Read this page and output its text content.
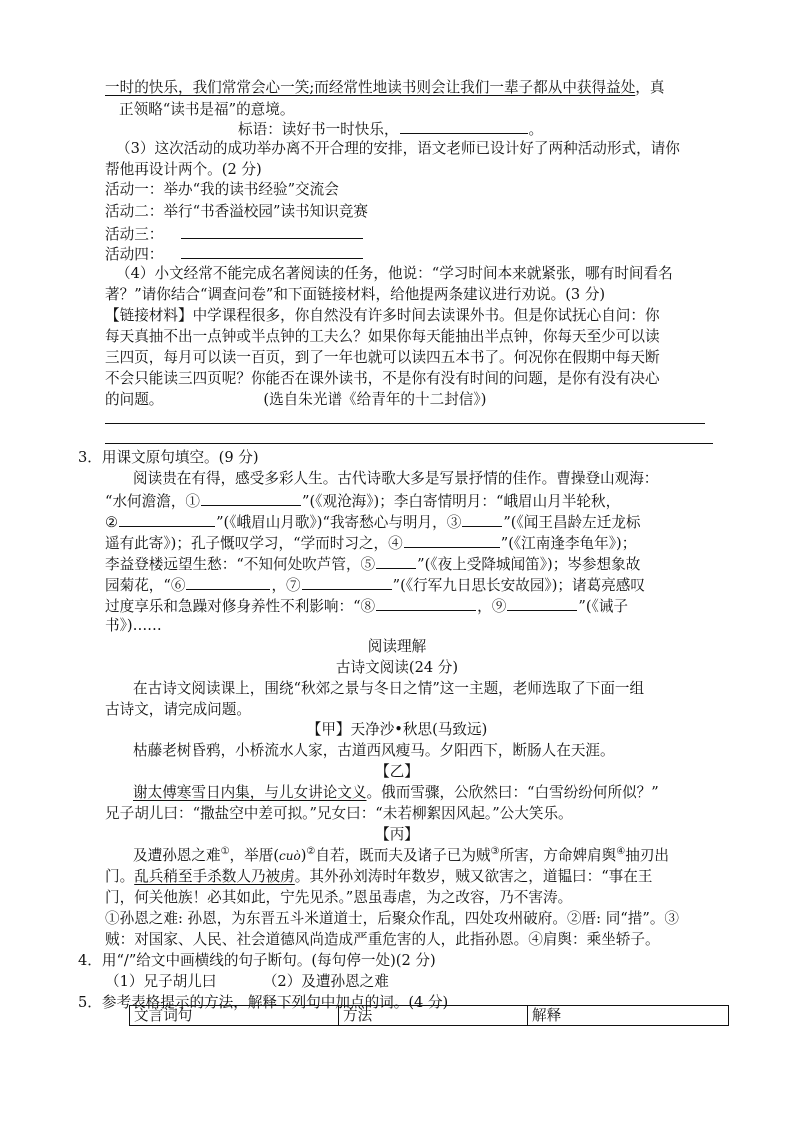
一时的快乐，我们常常会心一笑;而经常性地读书则会让我们一辈子都从中获得益处，真
正领略“读书是福”的意境。
标语：读好书一时快乐，	。
（3）这次活动的成功举办离不开合理的安排，语文老师已设计好了两种活动形式，请你
帮他再设计两个。(2 分)
活动一：举办“我的读书经验”交流会
活动二：举行“书香溢校园”读书知识竞赛
活动三：
活动四：
（4）小文经常不能完成名著阅读的任务，他说：“学习时间本来就紧张，哪有时间看名
著？”请你结合“调查问卷”和下面链接材料，给他提两条建议进行劝说。(3 分)
【链接材料】中学课程很多，你自然没有许多时间去读课外书。但是你试抚心自问：你
每天真抽不出一点钟或半点钟的工夫么？如果你每天能抽出半点钟，你每天至少可以读
三四页，每月可以读一百页，到了一年也就可以读四五本书了。何况你在假期中每天断
不会只能读三四页呢？你能否在课外读书，不是你有没有时间的问题，是你有没有决心
的问题。	(选自朱光谱《给青年的十二封信》)
3．用课文原句填空。(9 分)
阅读贵在有得，感受多彩人生。古代诗歌大多是写景抒情的佳作。曹操登山观海：
“水何澹澹，①	”(《观沧海》)；李白寄情明月：“峨眉山月半轮秋，
②	”(《峨眉山月歌》)“我寄愁心与明月，③	”(《闻王昌龄左迁龙标
遥有此寄》)；孔子慨叹学习，“学而时习之，④	”(《江南逢李龟年》)；
李益登楼远望生愁：“不知何处吹芦管，⑤	”(《夜上受降城闻笛》)；岑参想象故
园菊花，“⑥	，⑦	”(《行军九日思长安故园》)；诸葛亮感叹
过度享乐和急躁对修身养性不利影响：“⑧	，⑨	”(《诫子
书》)……
阅读理解
古诗文阅读(24 分)
在古诗文阅读课上，围绕“秋郊之景与冬日之情”这一主题，老师选取了下面一组
古诗文，请完成问题。
【甲】天净沙•秋思(马致远)
枯藤老树昏鸦，小桥流水人家，古道西风瘦马。夕阳西下，断肠人在天涯。
【乙】
谢太傅寒雪日内集，与儿女讲论文义。俄而雪骤，公欣然曰：“白雪纷纷何所似？”
兄子胡儿曰：“撒盐空中差可拟。”兄女曰：“未若柳絮因风起。”公大笑乐。
【丙】
及遭孙恩之难①，举厝(cuò)②自若，既而夫及诸子已为贼③所害，方命婢肩舆④抽刃出
门。乱兵稍至手杀数人乃被虏。其外孙刘涛时年数岁，贼又欲害之，道韫曰：“事在王
门，何关他族！必其如此，宁先见杀。”恩虽毒虐，为之改容，乃不害涛。
①孙恩之难: 孙恩，为东晋五斗米道道士，后聚众作乱，四处攻州破府。②厝: 同“措”。③
贼：对国家、人民、社会道德风尚造成严重危害的人，此指孙恩。④肩舆：乘坐轿子。
4．用“/”给文中画横线的句子断句。(每句停一处)(2 分)
（1）兄子胡儿曰          （2）及遭孙恩之难
5．参考表格提示的方法，解释下列句中加点的词。(4 分)
文言词句	方法	解释
